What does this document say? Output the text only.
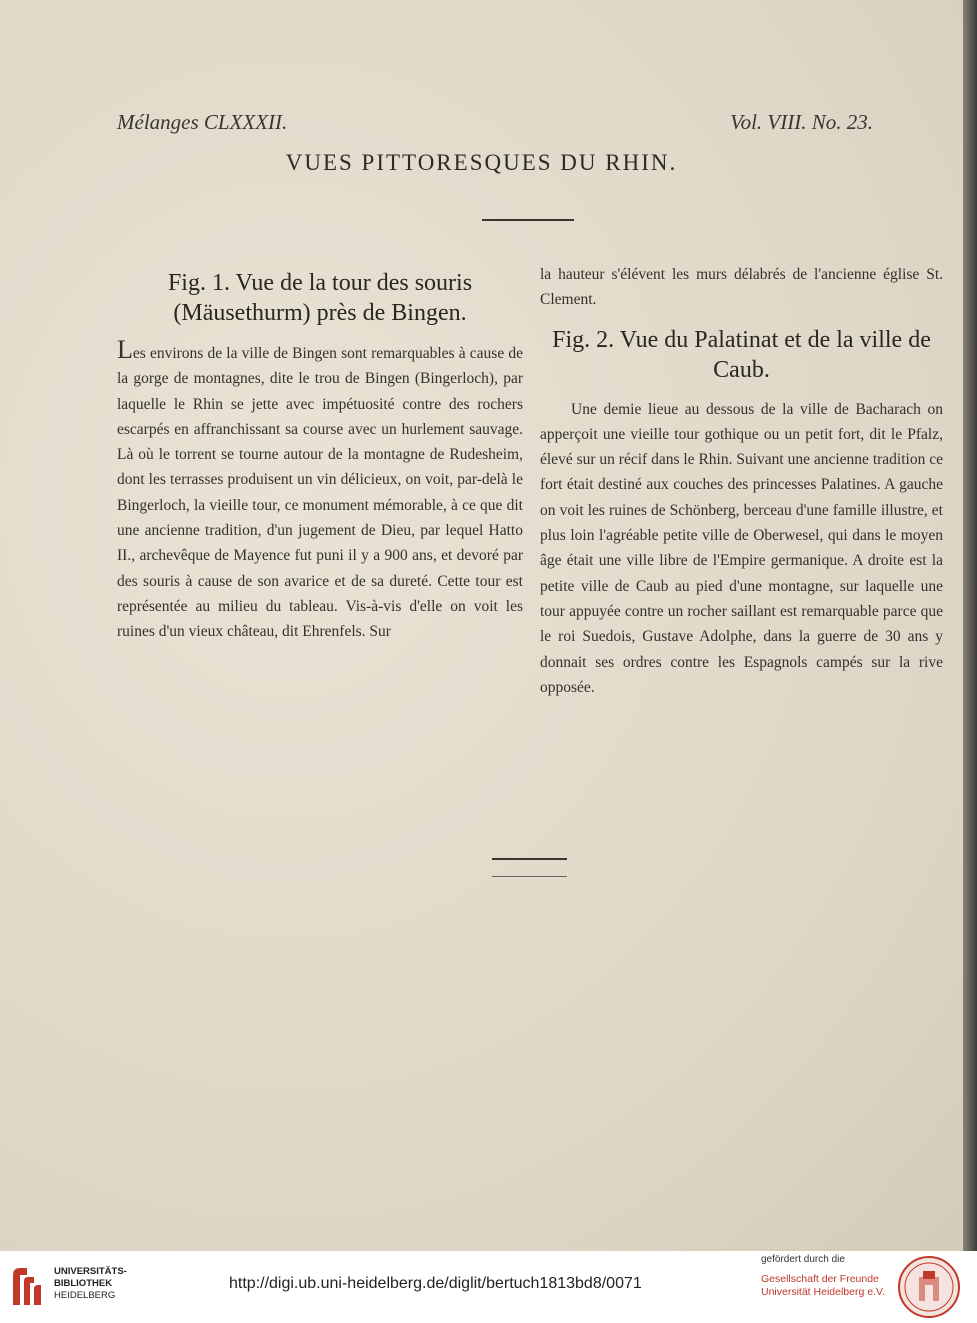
Mélanges CLXXXII.	Vol. VIII. No. 23.
VUES PITTORESQUES DU RHIN.
Fig. 1. Vue de la tour des souris (Mäusethurm) près de Bingen.

Les environs de la ville de Bingen sont remarquables à cause de la gorge de montagnes, dite le trou de Bingen (Bingerloch), par laquelle le Rhin se jette avec impétuosité contre des rochers escarpés en affranchissant sa course avec un hurlement sauvage. Là où le torrent se tourne autour de la montagne de Rudesheim, dont les terrasses produisent un vin délicieux, on voit, par-delà le Bingerloch, la vieille tour, ce monument mémorable, à ce que dit une ancienne tradition, d'un jugement de Dieu, par lequel Hatto II., archevêque de Mayence fut puni il y a 900 ans, et devoré par des souris à cause de son avarice et de sa dureté. Cette tour est représentée au milieu du tableau. Vis-à-vis d'elle on voit les ruines d'un vieux château, dit Ehrenfels. Sur

la hauteur s'élévent les murs délabrés de l'ancienne église St. Clement.

Fig. 2. Vue du Palatinat et de la ville de Caub.

Une demie lieue au dessous de la ville de Bacharach on apperçoit une vieille tour gothique ou un petit fort, dit le Pfalz, élevé sur un récif dans le Rhin. Suivant une ancienne tradition ce fort était destiné aux couches des princesses Palatines. A gauche on voit les ruines de Schönberg, berceau d'une famille illustre, et plus loin l'agréable petite ville de Oberwesel, qui dans le moyen âge était une ville libre de l'Empire germanique. A droite est la petite ville de Caub au pied d'une montagne, sur laquelle une tour appuyée contre un rocher saillant est remarquable parce que le roi Suedois, Gustave Adolphe, dans la guerre de 30 ans y donnait ses ordres contre les Espagnols campés sur la rive opposée.

UNIVERSITÄTS-
BIBLIOTHEK
HEIDELBERG
http://digi.ub.uni-heidelberg.de/diglit/bertuch1813bd8/0071
gefördert durch die
Gesellschaft der Freunde
Universität Heidelberg e.V.
